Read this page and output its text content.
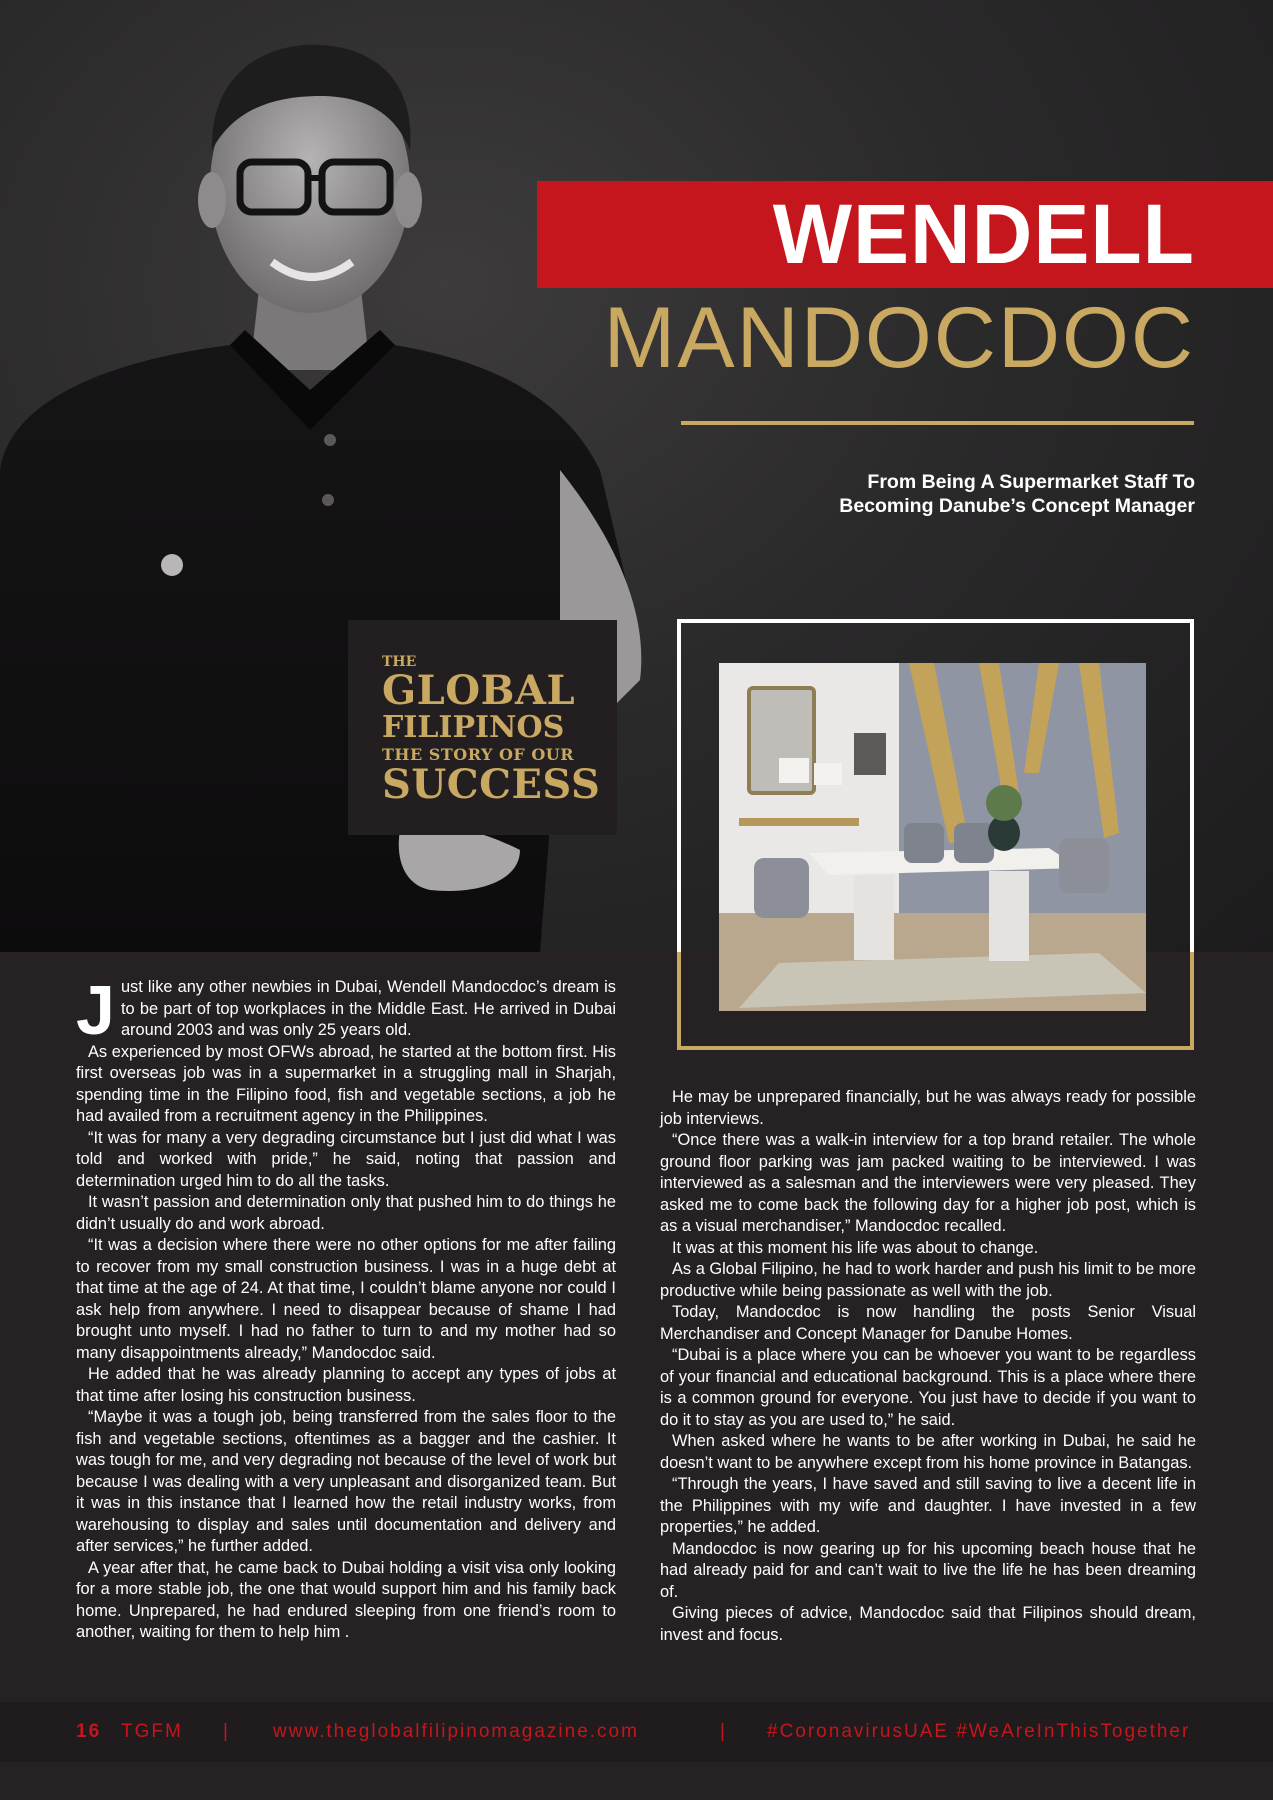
WENDELL
MANDOCDOC
From Being A Supermarket Staff To
Becoming Danube’s Concept Manager
THE
GLOBAL
FILIPINOS
THE STORY OF OUR
SUCCESS
J ust like any other newbies in Dubai, Wendell Mandocdoc’s dream is to be part of top workplaces in the Middle East. He arrived in Dubai around 2003 and was only 25 years old.

As experienced by most OFWs abroad, he started at the bottom first. His first overseas job was in a supermarket in a struggling mall in Sharjah, spending time in the Filipino food, fish and vegetable sections, a job he had availed from a recruitment agency in the Philippines.

“It was for many a very degrading circumstance but I just did what I was told and worked with pride,” he said, noting that passion and determination urged him to do all the tasks.

It wasn’t passion and determination only that pushed him to do things he didn’t usually do and work abroad.

“It was a decision where there were no other options for me after failing to recover from my small construction business. I was in a huge debt at that time at the age of 24. At that time, I couldn’t blame anyone nor could I ask help from anywhere. I need to disappear because of shame I had brought unto myself. I had no father to turn to and my mother had so many disappointments already,” Mandocdoc said.

He added that he was already planning to accept any types of jobs at that time after losing his construction business.

“Maybe it was a tough job, being transferred from the sales floor to the fish and vegetable sections, oftentimes as a bagger and the cashier. It was tough for me, and very degrading not because of the level of work but because I was dealing with a very unpleasant and disorganized team. But it was in this instance that I learned how the retail industry works, from warehousing to display and sales until documentation and delivery and after services,” he further added.

A year after that, he came back to Dubai holding a visit visa only looking for a more stable job, the one that would support him and his family back home. Unprepared, he had endured sleeping from one friend’s room to another, waiting for them to help him .

He may be unprepared financially, but he was always ready for possible job interviews.

“Once there was a walk-in interview for a top brand retailer. The whole ground floor parking was jam packed waiting to be interviewed. I was interviewed as a salesman and the interviewers were very pleased. They asked me to come back the following day for a higher job post, which is as a visual merchandiser,” Mandocdoc recalled.

It was at this moment his life was about to change.

As a Global Filipino, he had to work harder and push his limit to be more productive while being passionate as well with the job.

Today, Mandocdoc is now handling the posts Senior Visual Merchandiser and Concept Manager for Danube Homes.

“Dubai is a place where you can be whoever you want to be regardless of your financial and educational background. This is a place where there is a common ground for everyone. You just have to decide if you want to do it to stay as you are used to,” he said.

When asked where he wants to be after working in Dubai, he said he doesn’t want to be anywhere except from his home province in Batangas.

“Through the years, I have saved and still saving to live a decent life in the Philippines with my wife and daughter. I have invested in a few properties,” he added.

Mandocdoc is now gearing up for his upcoming beach house that he had already paid for and can’t wait to live the life he has been dreaming of.

Giving pieces of advice, Mandocdoc said that Filipinos should dream, invest and focus.

16 TGFM | www.theglobalfilipinomagazine.com	| #CoronavirusUAE #WeAreInThisTogether
